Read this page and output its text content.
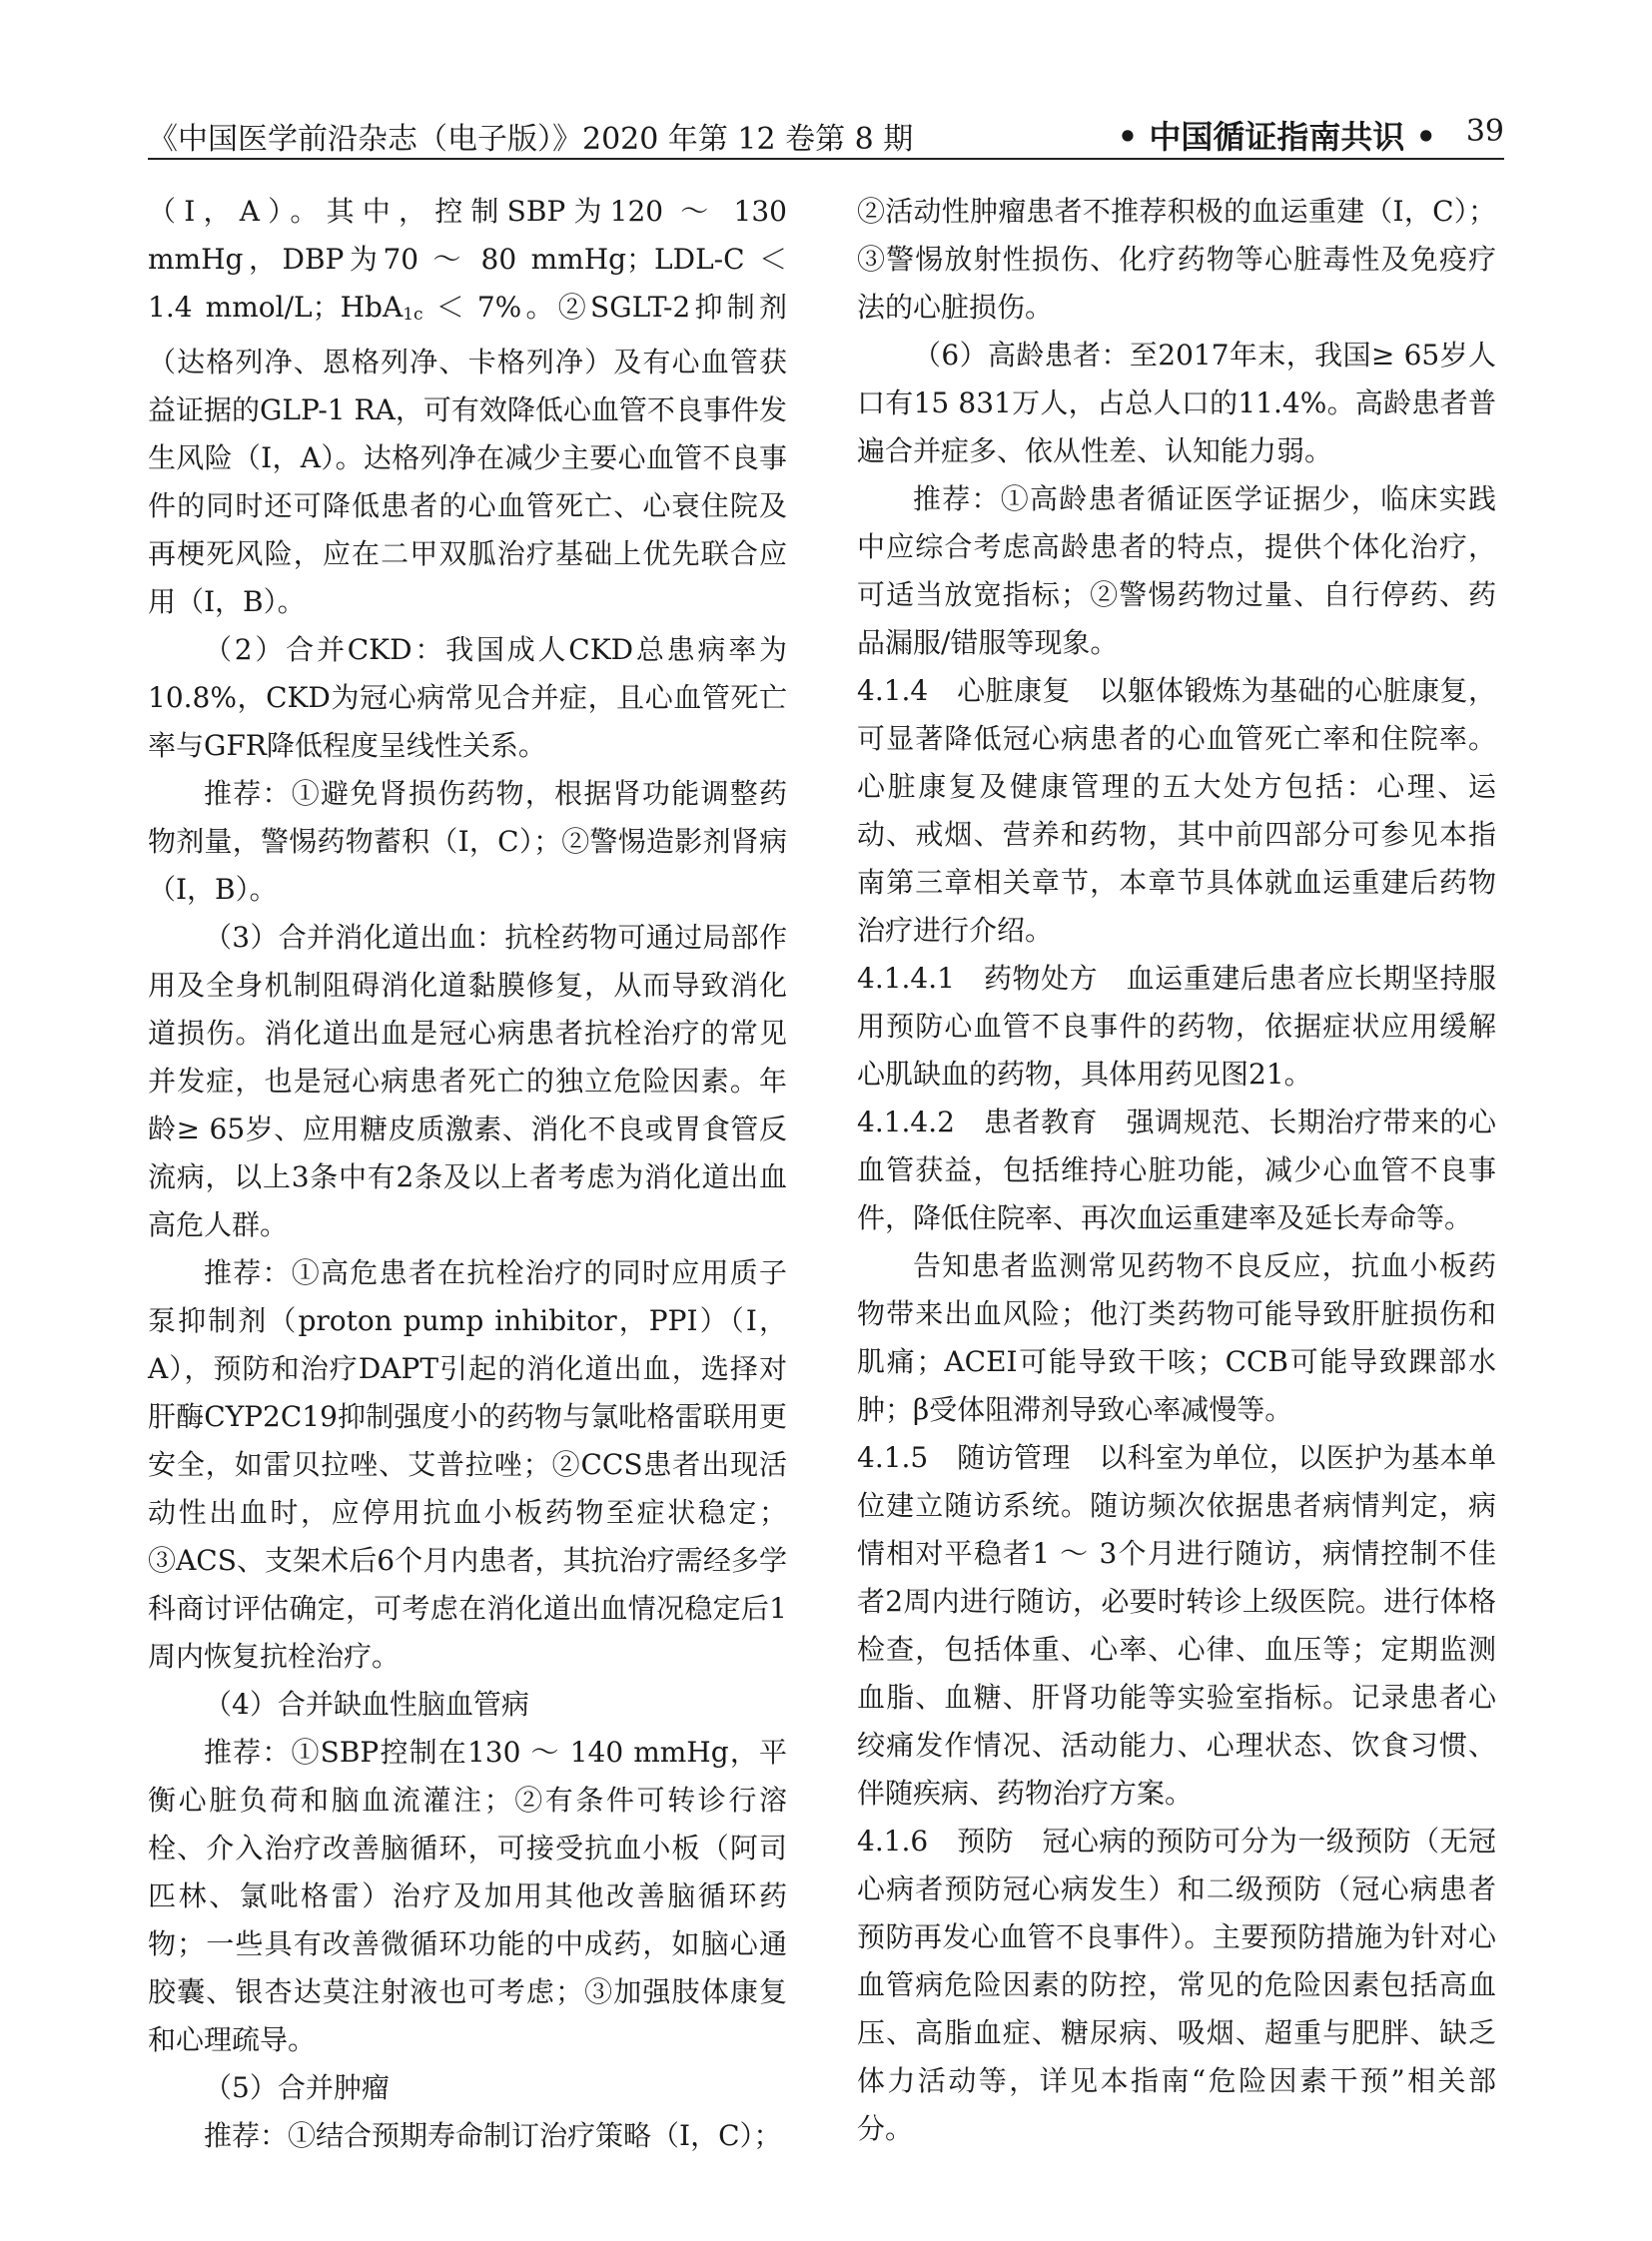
《中国医学前沿杂志（电子版）》2020 年第 12 卷第 8 期	• 中国循证指南共识 • 39

（Ⅰ，A）。其中，控制SBP为120 ～ 130 mmHg，DBP为70 ～ 80 mmHg；LDL-C ＜ 1.4 mmol/L；HbA$_{1c}$ ＜ 7%。②SGLT-2抑制剂（达格列净、恩格列净、卡格列净）及有心血管获益证据的GLP-1 RA，可有效降低心血管不良事件发生风险（Ⅰ，A）。达格列净在减少主要心血管不良事件的同时还可降低患者的心血管死亡、心衰住院及再梗死风险，应在二甲双胍治疗基础上优先联合应用（Ⅰ，B）。

（2）合并CKD：我国成人CKD总患病率为10.8%，CKD为冠心病常见合并症，且心血管死亡率与GFR降低程度呈线性关系。

推荐：①避免肾损伤药物，根据肾功能调整药物剂量，警惕药物蓄积（Ⅰ，C）；②警惕造影剂肾病（Ⅰ，B）。

（3）合并消化道出血：抗栓药物可通过局部作用及全身机制阻碍消化道黏膜修复，从而导致消化道损伤。消化道出血是冠心病患者抗栓治疗的常见并发症，也是冠心病患者死亡的独立危险因素。年龄≥ 65岁、应用糖皮质激素、消化不良或胃食管反流病，以上3条中有2条及以上者考虑为消化道出血高危人群。

推荐：①高危患者在抗栓治疗的同时应用质子泵抑制剂（proton pump inhibitor，PPI）（Ⅰ，A），预防和治疗DAPT引起的消化道出血，选择对肝酶CYP2C19抑制强度小的药物与氯吡格雷联用更安全，如雷贝拉唑、艾普拉唑；②CCS患者出现活动性出血时，应停用抗血小板药物至症状稳定；③ACS、支架术后6个月内患者，其抗治疗需经多学科商讨评估确定，可考虑在消化道出血情况稳定后1周内恢复抗栓治疗。

（4）合并缺血性脑血管病

推荐：①SBP控制在130 ～ 140 mmHg，平衡心脏负荷和脑血流灌注；②有条件可转诊行溶栓、介入治疗改善脑循环，可接受抗血小板（阿司匹林、氯吡格雷）治疗及加用其他改善脑循环药物；一些具有改善微循环功能的中成药，如脑心通胶囊、银杏达莫注射液也可考虑；③加强肢体康复和心理疏导。

（5）合并肿瘤

推荐：①结合预期寿命制订治疗策略（Ⅰ，C）；

②活动性肿瘤患者不推荐积极的血运重建（Ⅰ，C）；③警惕放射性损伤、化疗药物等心脏毒性及免疫疗法的心脏损伤。

（6）高龄患者：至2017年末，我国≥ 65岁人口有15 831万人，占总人口的11.4%。高龄患者普遍合并症多、依从性差、认知能力弱。

推荐：①高龄患者循证医学证据少，临床实践中应综合考虑高龄患者的特点，提供个体化治疗，可适当放宽指标；②警惕药物过量、自行停药、药品漏服/错服等现象。

4.1.4　心脏康复　以躯体锻炼为基础的心脏康复，可显著降低冠心病患者的心血管死亡率和住院率。心脏康复及健康管理的五大处方包括：心理、运动、戒烟、营养和药物，其中前四部分可参见本指南第三章相关章节，本章节具体就血运重建后药物治疗进行介绍。

4.1.4.1　药物处方　血运重建后患者应长期坚持服用预防心血管不良事件的药物，依据症状应用缓解心肌缺血的药物，具体用药见图21。

4.1.4.2　患者教育　强调规范、长期治疗带来的心血管获益，包括维持心脏功能，减少心血管不良事件，降低住院率、再次血运重建率及延长寿命等。

告知患者监测常见药物不良反应，抗血小板药物带来出血风险；他汀类药物可能导致肝脏损伤和肌痛；ACEI可能导致干咳；CCB可能导致踝部水肿；β受体阻滞剂导致心率减慢等。

4.1.5　随访管理　以科室为单位，以医护为基本单位建立随访系统。随访频次依据患者病情判定，病情相对平稳者1 ～ 3个月进行随访，病情控制不佳者2周内进行随访，必要时转诊上级医院。进行体格检查，包括体重、心率、心律、血压等；定期监测血脂、血糖、肝肾功能等实验室指标。记录患者心绞痛发作情况、活动能力、心理状态、饮食习惯、伴随疾病、药物治疗方案。

4.1.6　预防　冠心病的预防可分为一级预防（无冠心病者预防冠心病发生）和二级预防（冠心病患者预防再发心血管不良事件）。主要预防措施为针对心血管病危险因素的防控，常见的危险因素包括高血压、高脂血症、糖尿病、吸烟、超重与肥胖、缺乏体力活动等，详见本指南“危险因素干预”相关部分。
